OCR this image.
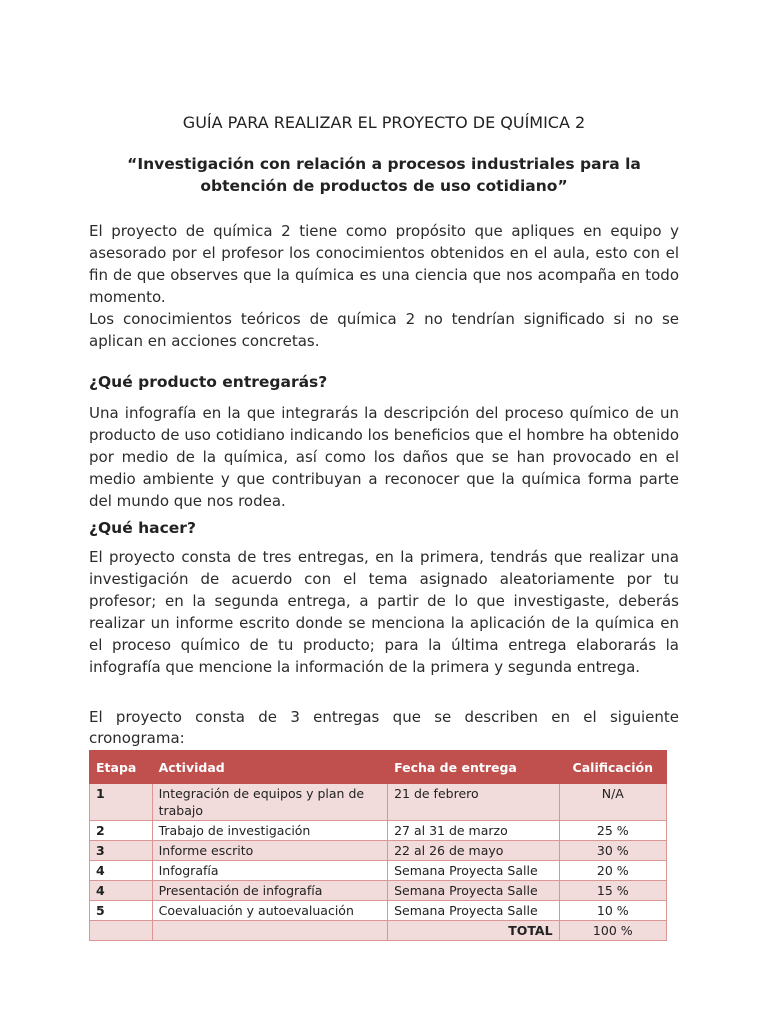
GUÍA PARA REALIZAR EL PROYECTO DE QUÍMICA 2
“Investigación con relación a procesos industriales para la obtención de productos de uso cotidiano”
El proyecto de química 2 tiene como propósito que apliques en equipo y asesorado por el profesor los conocimientos obtenidos en el aula, esto con el fin de que observes que la química es una ciencia que nos acompaña en todo momento.
Los conocimientos teóricos de química 2 no tendrían significado si no se aplican en acciones concretas.
¿Qué producto entregarás?
Una infografía en la que integrarás la descripción del proceso químico de un producto de uso cotidiano indicando los beneficios que el hombre ha obtenido por medio de la química, así como los daños que se han provocado en el medio ambiente y que contribuyan a reconocer que la química forma parte del mundo que nos rodea.
¿Qué hacer?
El proyecto consta de tres entregas, en la primera, tendrás que realizar una investigación de acuerdo con el tema asignado aleatoriamente por tu profesor; en la segunda entrega, a partir de lo que investigaste, deberás realizar un informe escrito donde se menciona la aplicación de la química en el proceso químico de tu producto; para la última entrega elaborarás la infografía que mencione la información de la primera y segunda entrega.
El proyecto consta de 3 entregas que se describen en el siguiente cronograma:
Etapa	Actividad	Fecha de entrega	Calificación
1	Integración de equipos y plan de trabajo	21 de febrero	N/A
2	Trabajo de investigación	27 al 31 de marzo	25 %
3	Informe escrito	22 al 26 de mayo	30 %
4	Infografía	Semana Proyecta Salle	20 %
4	Presentación de infografía	Semana Proyecta Salle	15 %
5	Coevaluación y autoevaluación	Semana Proyecta Salle	10 %
		TOTAL	100 %
